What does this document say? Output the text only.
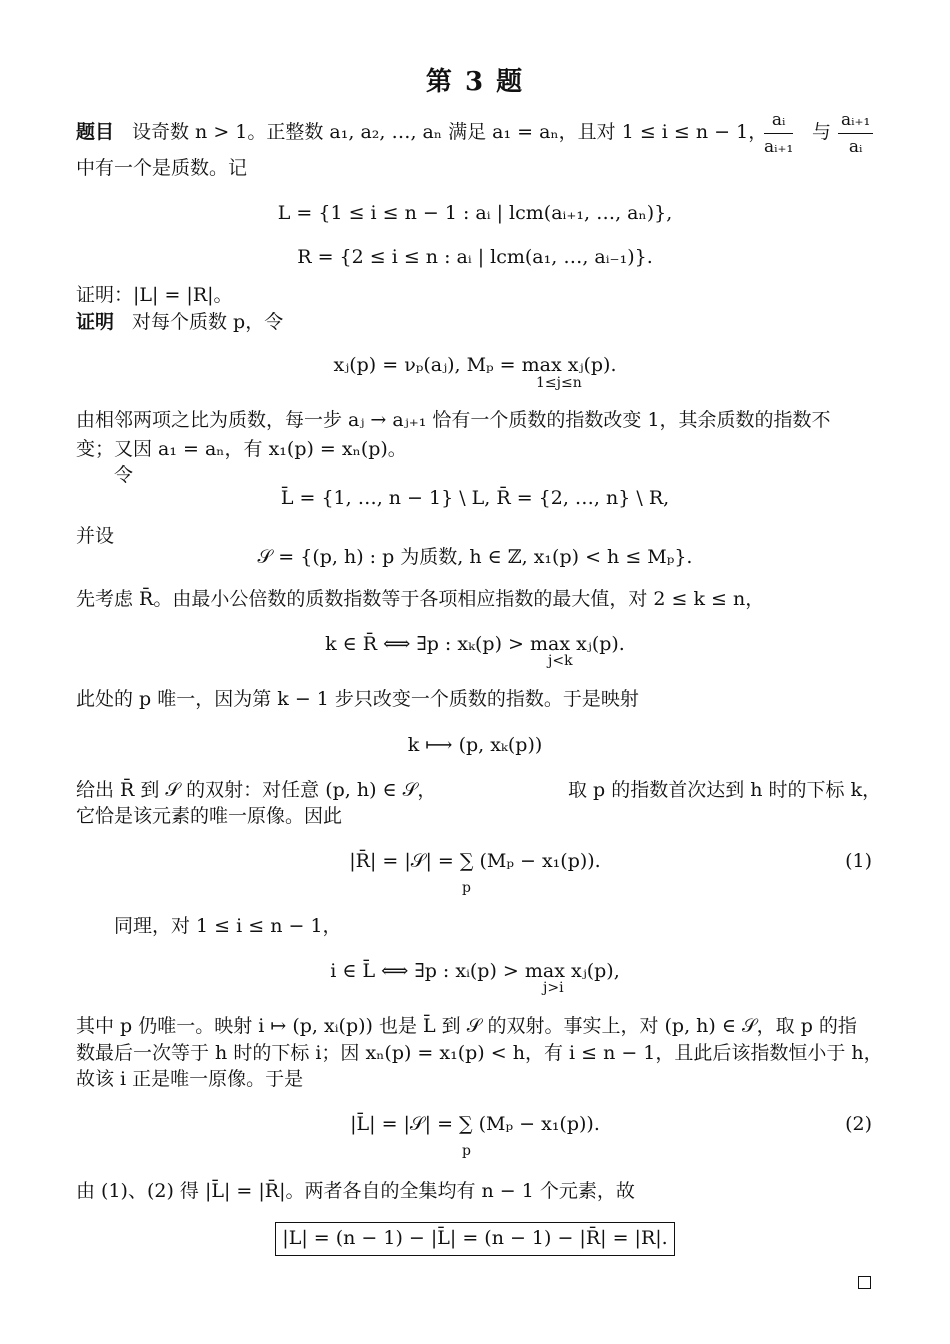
第 3 题
题目 设奇数 n > 1。正整数 a₁, a₂, …, aₙ 满足 a₁ = aₙ，且对 1 ≤ i ≤ n − 1，
$\frac{\text{aᵢ}}{\text{aᵢ₊₁}}$ 与 $\frac{\text{aᵢ₊₁}}{\text{aᵢ}}$
中有一个是质数。记
L = {1 ≤ i ≤ n − 1 : aᵢ | lcm(aᵢ₊₁, …, aₙ)},
R = {2 ≤ i ≤ n : aᵢ | lcm(a₁, …, aᵢ₋₁)}.
证明：|L| = |R|。
证明 对每个质数 p，令
xⱼ(p) = νₚ(aⱼ), Mₚ = max xⱼ(p).
1≤j≤n
由相邻两项之比为质数，每一步 aⱼ → aⱼ₊₁ 恰有一个质数的指数改变 1，其余质数的指数不
变；又因 a₁ = aₙ，有 x₁(p) = xₙ(p)。
令
L̄ = {1, …, n − 1} \ L, R̄ = {2, …, n} \ R,
并设
𝒮 = {(p, h) : p 为质数, h ∈ ℤ, x₁(p) < h ≤ Mₚ}.
先考虑 R̄。由最小公倍数的质数指数等于各项相应指数的最大值，对 2 ≤ k ≤ n，
k ∈ R̄ ⟺ ∃p : xₖ(p) > max xⱼ(p).
j<k
此处的 p 唯一，因为第 k − 1 步只改变一个质数的指数。于是映射
k ⟼ (p, xₖ(p))
给出 R̄ 到 𝒮 的双射：对任意 (p, h) ∈ 𝒮，	取 p 的指数首次达到 h 时的下标 k，
它恰是该元素的唯一原像。因此
|R̄| = |𝒮| = ∑ (Mₚ − x₁(p)).
p
(1)
同理，对 1 ≤ i ≤ n − 1，
i ∈ L̄ ⟺ ∃p : xᵢ(p) > max xⱼ(p),
j>i
其中 p 仍唯一。映射 i ↦ (p, xᵢ(p)) 也是 L̄ 到 𝒮 的双射。事实上，对 (p, h) ∈ 𝒮，取 p 的指
数最后一次等于 h 时的下标 i；因 xₙ(p) = x₁(p) < h，有 i ≤ n − 1，且此后该指数恒小于 h，
故该 i 正是唯一原像。于是
|L̄| = |𝒮| = ∑ (Mₚ − x₁(p)).
p
(2)
由 (1)、(2) 得 |L̄| = |R̄|。两者各自的全集均有 n − 1 个元素，故
|L| = (n − 1) − |L̄| = (n − 1) − |R̄| = |R|.
